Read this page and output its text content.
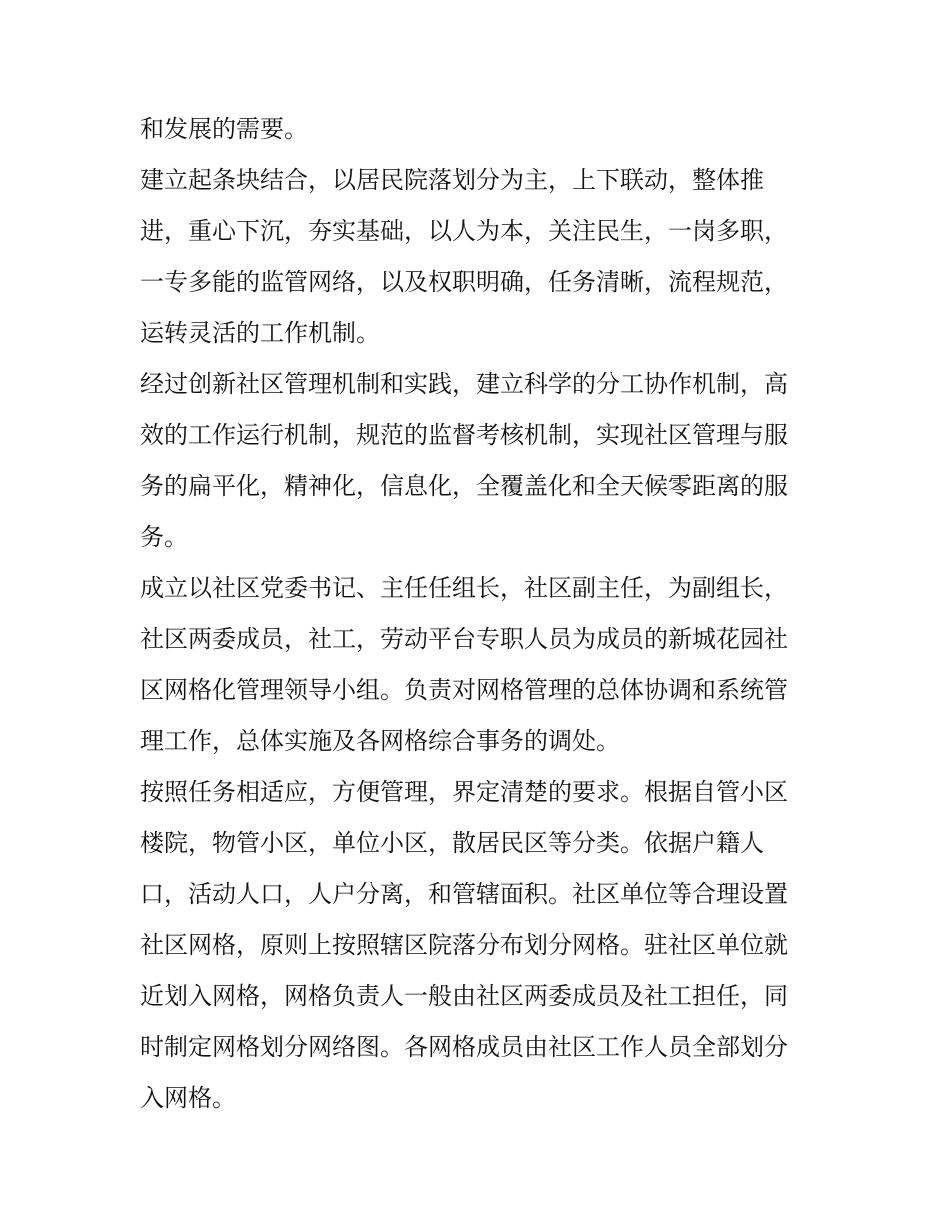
和发展的需要。
建立起条块结合，以居民院落划分为主，上下联动，整体推
进，重心下沉，夯实基础，以人为本，关注民生，一岗多职，
一专多能的监管网络，以及权职明确，任务清晰，流程规范，
运转灵活的工作机制。
经过创新社区管理机制和实践，建立科学的分工协作机制，高
效的工作运行机制，规范的监督考核机制，实现社区管理与服
务的扁平化，精神化，信息化，全覆盖化和全天候零距离的服
务。
成立以社区党委书记、主任任组长，社区副主任，为副组长，
社区两委成员，社工，劳动平台专职人员为成员的新城花园社
区网格化管理领导小组。负责对网格管理的总体协调和系统管
理工作，总体实施及各网格综合事务的调处。
按照任务相适应，方便管理，界定清楚的要求。根据自管小区
楼院，物管小区，单位小区，散居民区等分类。依据户籍人
口，活动人口，人户分离，和管辖面积。社区单位等合理设置
社区网格，原则上按照辖区院落分布划分网格。驻社区单位就
近划入网格，网格负责人一般由社区两委成员及社工担任，同
时制定网格划分网络图。各网格成员由社区工作人员全部划分
入网格。
